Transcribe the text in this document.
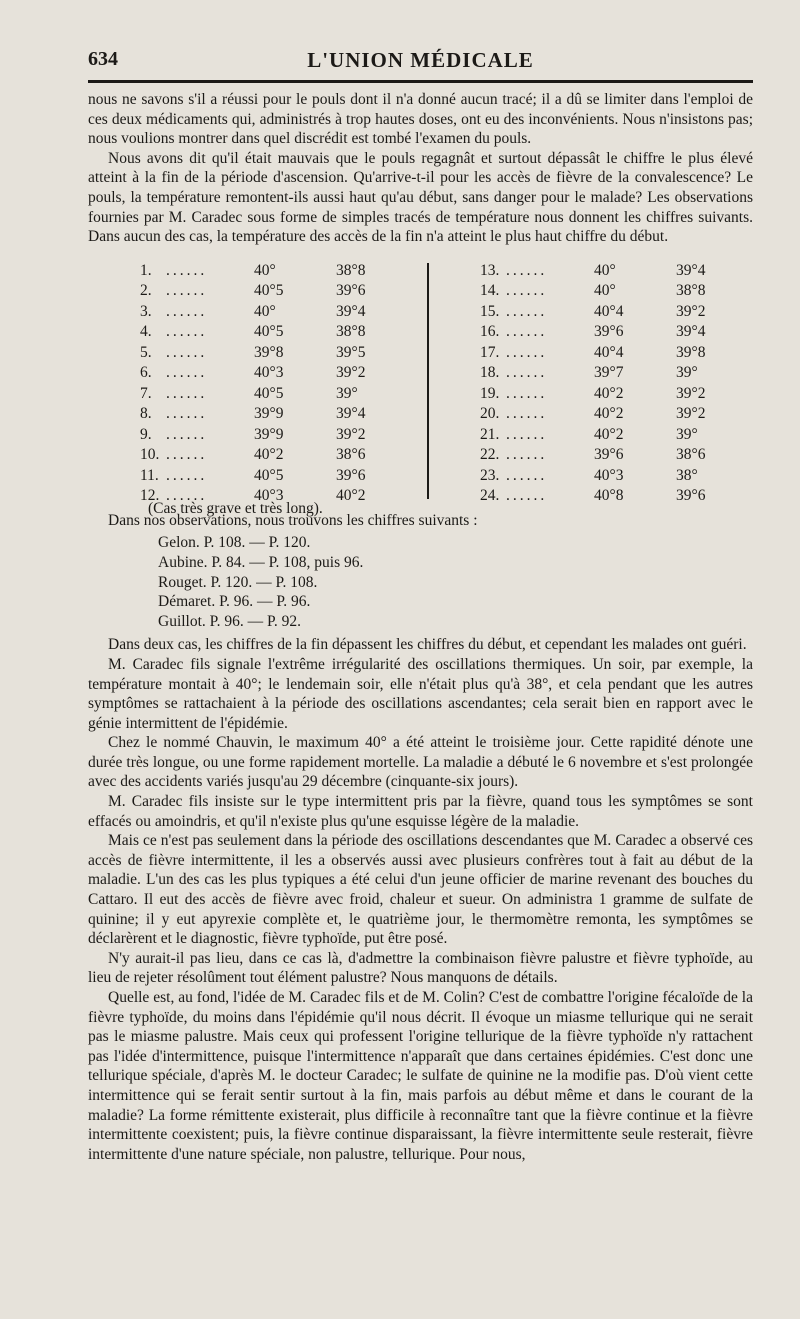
634	L'UNION MÉDICALE

nous ne savons s'il a réussi pour le pouls dont il n'a donné aucun tracé; il a dû se limiter dans l'emploi de ces deux médicaments qui, administrés à trop hautes doses, ont eu des inconvénients. Nous n'insistons pas; nous voulions montrer dans quel discrédit est tombé l'examen du pouls.

Nous avons dit qu'il était mauvais que le pouls regagnât et surtout dépassât le chiffre le plus élevé atteint à la fin de la période d'ascension. Qu'arrive-t-il pour les accès de fièvre de la convalescence? Le pouls, la température remontent-ils aussi haut qu'au début, sans danger pour le malade? Les observations fournies par M. Caradec sous forme de simples tracés de température nous donnent les chiffres suivants. Dans aucun des cas, la température des accès de la fin n'a atteint le plus haut chiffre du début.

1. ......	40°	38°8
2. ......	40°5	39°6
3. ......	40°	39°4
4. ......	40°5	38°8
5. ......	39°8	39°5
6. ......	40°3	39°2
7. ......	40°5	39°
8. ......	39°9	39°4
9. ......	39°9	39°2
10. ......	40°2	38°6
11. ......	40°5	39°6
12. ......	40°3	40°2
13. ......	40°	39°4
14. ......	40°	38°8
15. ......	40°4	39°2
16. ......	39°6	39°4
17. ......	40°4	39°8
18. ......	39°7	39°
19. ......	40°2	39°2
20. ......	40°2	39°2
21. ......	40°2	39°
22. ......	39°6	38°6
23. ......	40°3	38°
24. ......	40°8	39°6
(Cas très grave et très long).

Dans nos observations, nous trouvons les chiffres suivants :

Gelon. P. 108. — P. 120.
Aubine. P. 84. — P. 108, puis 96.
Rouget. P. 120. — P. 108.
Démaret. P. 96. — P. 96.
Guillot. P. 96. — P. 92.

Dans deux cas, les chiffres de la fin dépassent les chiffres du début, et cependant les malades ont guéri.

M. Caradec fils signale l'extrême irrégularité des oscillations thermiques. Un soir, par exemple, la température montait à 40°; le lendemain soir, elle n'était plus qu'à 38°, et cela pendant que les autres symptômes se rattachaient à la période des oscillations ascendantes; cela serait bien en rapport avec le génie intermittent de l'épidémie.

Chez le nommé Chauvin, le maximum 40° a été atteint le troisième jour. Cette rapidité dénote une durée très longue, ou une forme rapidement mortelle. La maladie a débuté le 6 novembre et s'est prolongée avec des accidents variés jusqu'au 29 décembre (cinquante-six jours).

M. Caradec fils insiste sur le type intermittent pris par la fièvre, quand tous les symptômes se sont effacés ou amoindris, et qu'il n'existe plus qu'une esquisse légère de la maladie.

Mais ce n'est pas seulement dans la période des oscillations descendantes que M. Caradec a observé ces accès de fièvre intermittente, il les a observés aussi avec plusieurs confrères tout à fait au début de la maladie. L'un des cas les plus typiques a été celui d'un jeune officier de marine revenant des bouches du Cattaro. Il eut des accès de fièvre avec froid, chaleur et sueur. On administra 1 gramme de sulfate de quinine; il y eut apyrexie complète et, le quatrième jour, le thermomètre remonta, les symptômes se déclarèrent et le diagnostic, fièvre typhoïde, put être posé.

N'y aurait-il pas lieu, dans ce cas là, d'admettre la combinaison fièvre palustre et fièvre typhoïde, au lieu de rejeter résolûment tout élément palustre? Nous manquons de détails.

Quelle est, au fond, l'idée de M. Caradec fils et de M. Colin? C'est de combattre l'origine fécaloïde de la fièvre typhoïde, du moins dans l'épidémie qu'il nous décrit. Il évoque un miasme tellurique qui ne serait pas le miasme palustre. Mais ceux qui professent l'origine tellurique de la fièvre typhoïde n'y rattachent pas l'idée d'intermittence, puisque l'intermittence n'apparaît que dans certaines épidémies. C'est donc une tellurique spéciale, d'après M. le docteur Caradec; le sulfate de quinine ne la modifie pas. D'où vient cette intermittence qui se ferait sentir surtout à la fin, mais parfois au début même et dans le courant de la maladie? La forme rémittente existerait, plus difficile à reconnaître tant que la fièvre continue et la fièvre intermittente coexistent; puis, la fièvre continue disparaissant, la fièvre intermittente seule resterait, fièvre intermittente d'une nature spéciale, non palustre, tellurique. Pour nous,
